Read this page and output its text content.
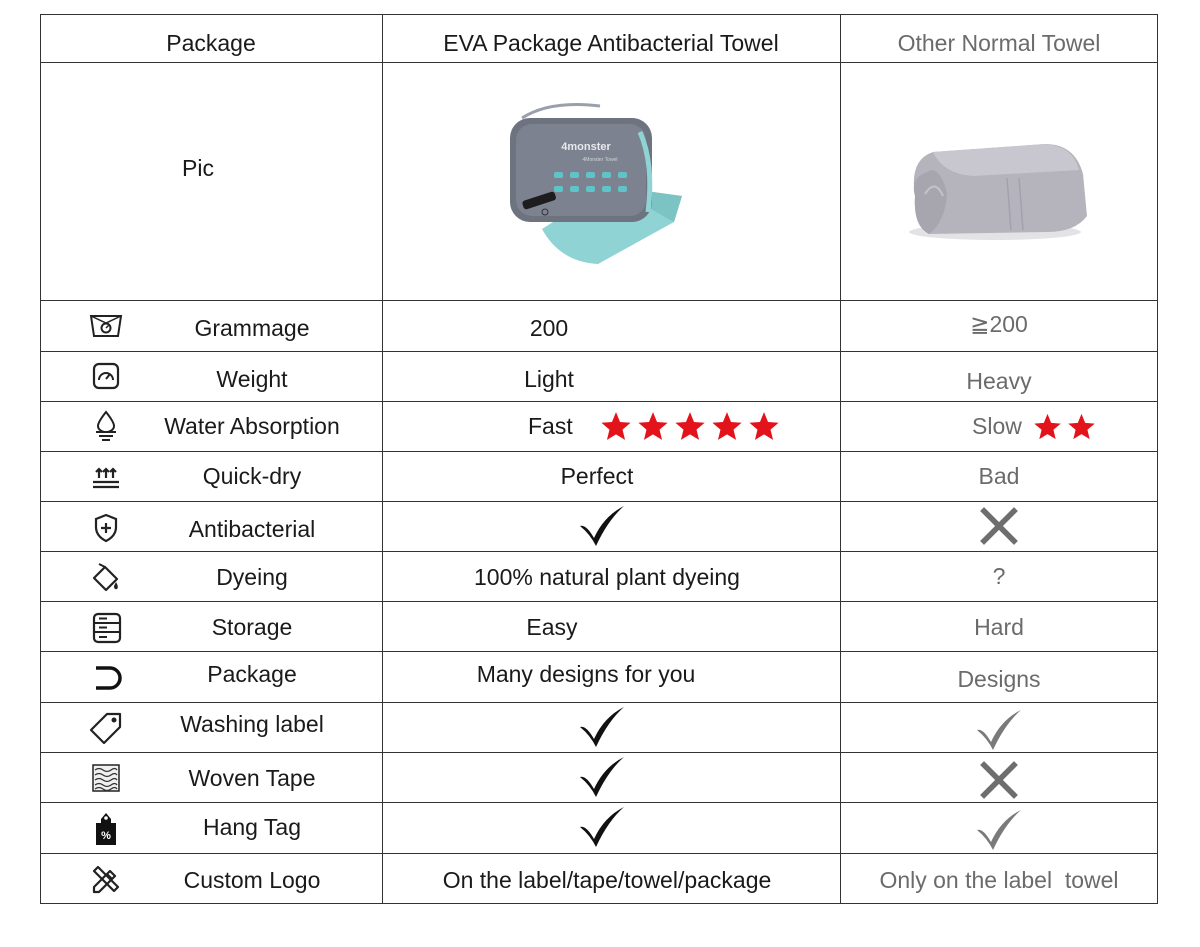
Package	EVA Package Antibacterial Towel	Other Normal Towel
Pic
4monster
4Monster Towel
%
Grammage
Weight
Water Absorption
Quick-dry
Antibacterial
Dyeing
Storage
Package
Washing label
Woven Tape
Hang Tag
Custom Logo
200
Light
Fast
Perfect
100% natural plant dyeing
Easy
Many designs for you
On the label/tape/towel/package
≧200
Heavy
Slow
Bad
?
Hard
Designs
Only on the label  towel
